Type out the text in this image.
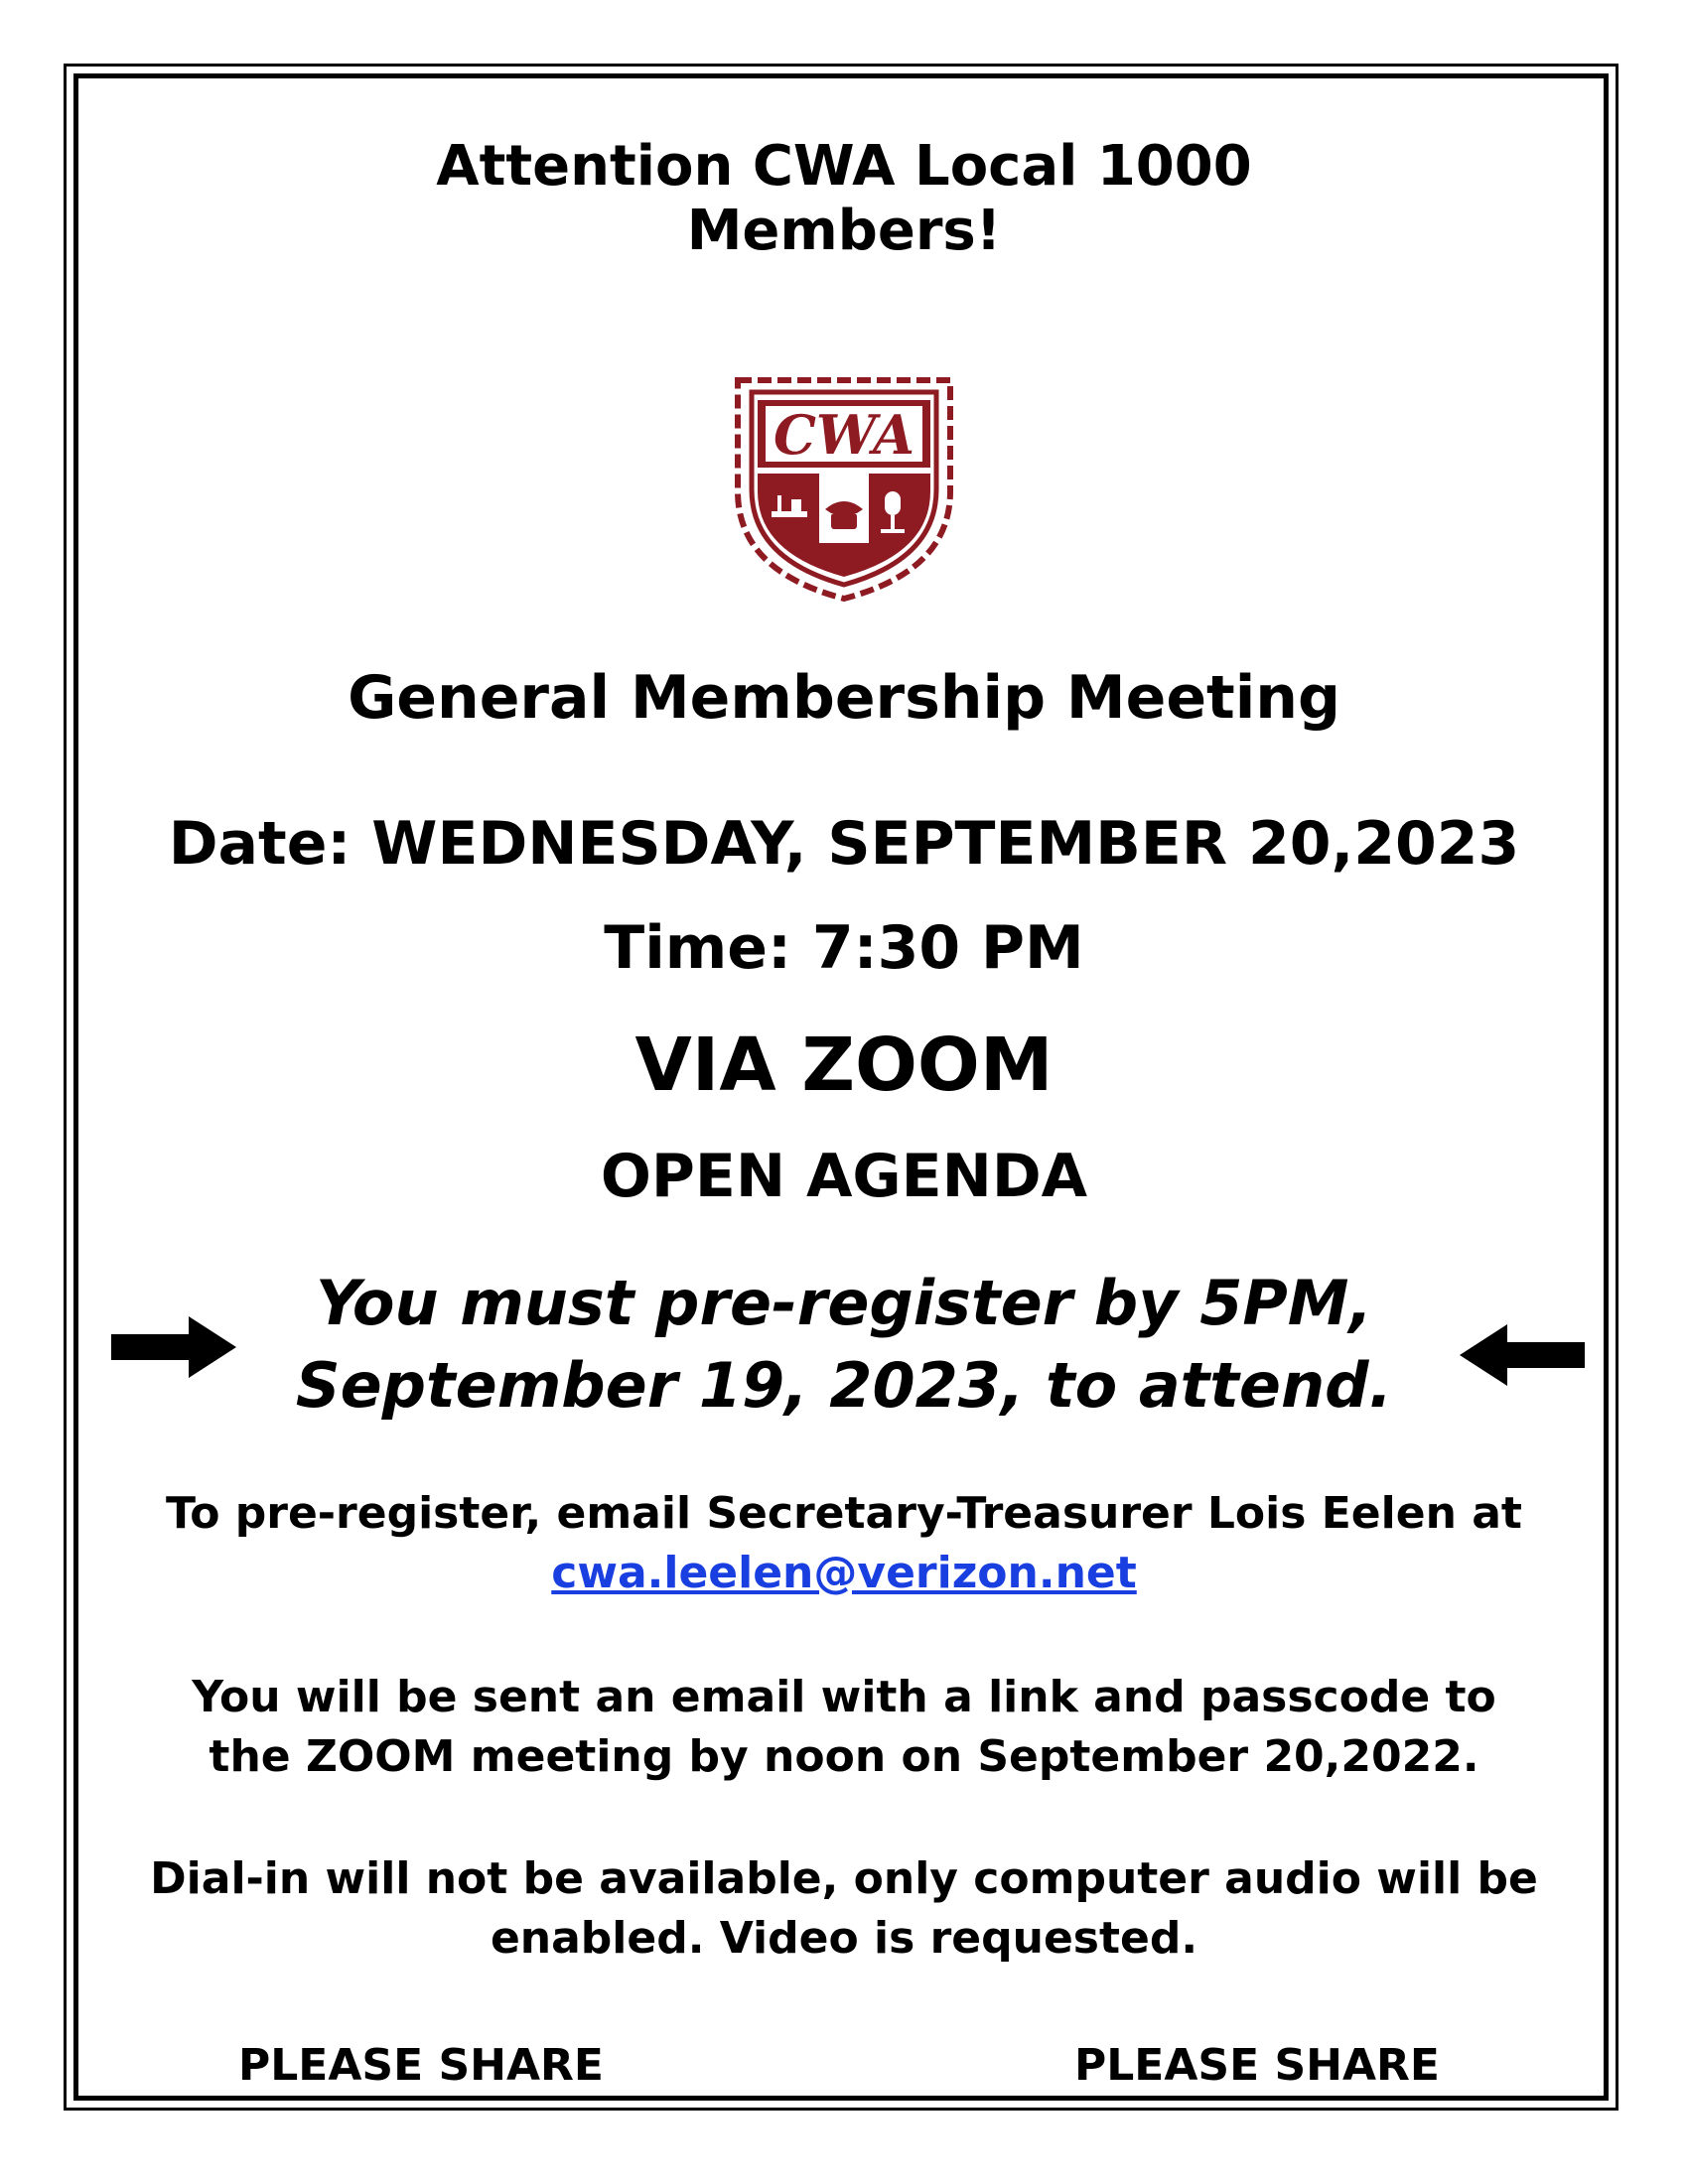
Attention CWA Local 1000
Members!
CWA
General Membership Meeting
Date: WEDNESDAY, SEPTEMBER 20,2023
Time: 7:30 PM
VIA ZOOM
OPEN AGENDA
You must pre-register by 5PM,
September 19, 2023, to attend.
To pre-register, email Secretary-Treasurer Lois Eelen at
cwa.leelen@verizon.net
You will be sent an email with a link and passcode to
the ZOOM meeting by noon on September 20,2022.
Dial-in will not be available, only computer audio will be
enabled. Video is requested.
PLEASE SHARE	PLEASE SHARE
